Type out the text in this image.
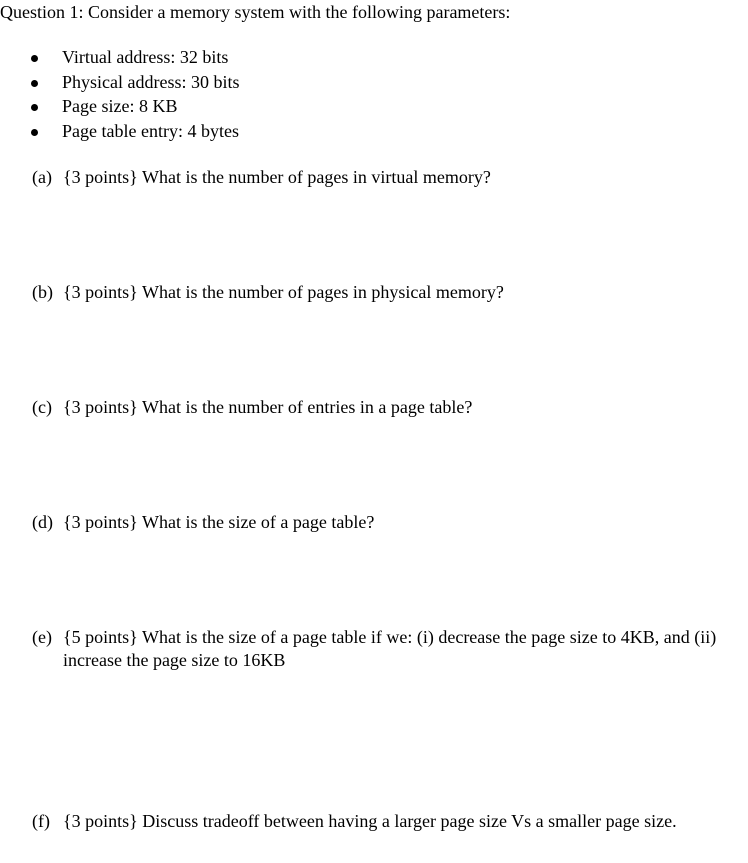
Question 1: Consider a memory system with the following parameters:
Virtual address: 32 bits
Physical address: 30 bits
Page size: 8 KB
Page table entry: 4 bytes
(a) {3 points} What is the number of pages in virtual memory?
(b) {3 points} What is the number of pages in physical memory?
(c) {3 points} What is the number of entries in a page table?
(d) {3 points} What is the size of a page table?
(e) {5 points} What is the size of a page table if we: (i) decrease the page size to 4KB, and (ii) increase the page size to 16KB
(f) {3 points} Discuss tradeoff between having a larger page size Vs a smaller page size.
